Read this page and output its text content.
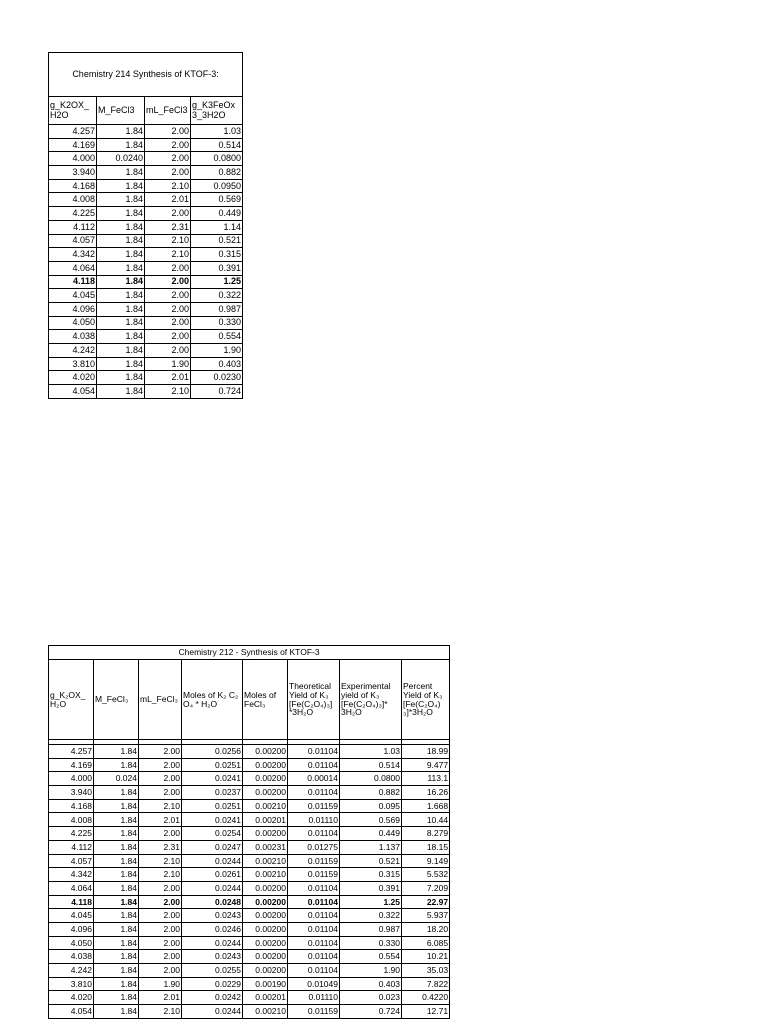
Chemistry 214 Synthesis of KTOF-3:			
g_K2OX_ H2O	M_FeCl3	mL_FeCl3	g_K3FeOx 3_3H2O
4.257	1.84	2.00	1.03
4.169	1.84	2.00	0.514
4.000	0.0240	2.00	0.0800
3.940	1.84	2.00	0.882
4.168	1.84	2.10	0.0950
4.008	1.84	2.01	0.569
4.225	1.84	2.00	0.449
4.112	1.84	2.31	1.14
4.057	1.84	2.10	0.521
4.342	1.84	2.10	0.315
4.064	1.84	2.00	0.391
4.118	1.84	2.00	1.25
4.045	1.84	2.00	0.322
4.096	1.84	2.00	0.987
4.050	1.84	2.00	0.330
4.038	1.84	2.00	0.554
4.242	1.84	2.00	1.90
3.810	1.84	1.90	0.403
4.020	1.84	2.01	0.0230
4.054	1.84	2.10	0.724
Chemistry 212 - Synthesis of KTOF-3							
g_K₂OX_ H₂O	M_FeCl₃	mL_FeCl₃	Moles of K₂ C₂ O₄ * H₂O	Moles of FeCl₃	Theoretical Yield of K₃ [Fe(C₂O₄)₃] *3H₂O	Experimental yield of K₃ [Fe(C₂O₄)₃]* 3H₂O	Percent Yield of K₃ [Fe(C₂O₄) ₃]*3H₂O

4.257	1.84	2.00	0.0256	0.00200	0.01104	1.03	18.99
4.169	1.84	2.00	0.0251	0.00200	0.01104	0.514	9.477
4.000	0.024	2.00	0.0241	0.00200	0.00014	0.0800	113.1
3.940	1.84	2.00	0.0237	0.00200	0.01104	0.882	16.26
4.168	1.84	2.10	0.0251	0.00210	0.01159	0.095	1.668
4.008	1.84	2.01	0.0241	0.00201	0.01110	0.569	10.44
4.225	1.84	2.00	0.0254	0.00200	0.01104	0.449	8.279
4.112	1.84	2.31	0.0247	0.00231	0.01275	1.137	18.15
4.057	1.84	2.10	0.0244	0.00210	0.01159	0.521	9.149
4.342	1.84	2.10	0.0261	0.00210	0.01159	0.315	5.532
4.064	1.84	2.00	0.0244	0.00200	0.01104	0.391	7.209
4.118	1.84	2.00	0.0248	0.00200	0.01104	1.25	22.97
4.045	1.84	2.00	0.0243	0.00200	0.01104	0.322	5.937
4.096	1.84	2.00	0.0246	0.00200	0.01104	0.987	18.20
4.050	1.84	2.00	0.0244	0.00200	0.01104	0.330	6.085
4.038	1.84	2.00	0.0243	0.00200	0.01104	0.554	10.21
4.242	1.84	2.00	0.0255	0.00200	0.01104	1.90	35.03
3.810	1.84	1.90	0.0229	0.00190	0.01049	0.403	7.822
4.020	1.84	2.01	0.0242	0.00201	0.01110	0.023	0.4220
4.054	1.84	2.10	0.0244	0.00210	0.01159	0.724	12.71
